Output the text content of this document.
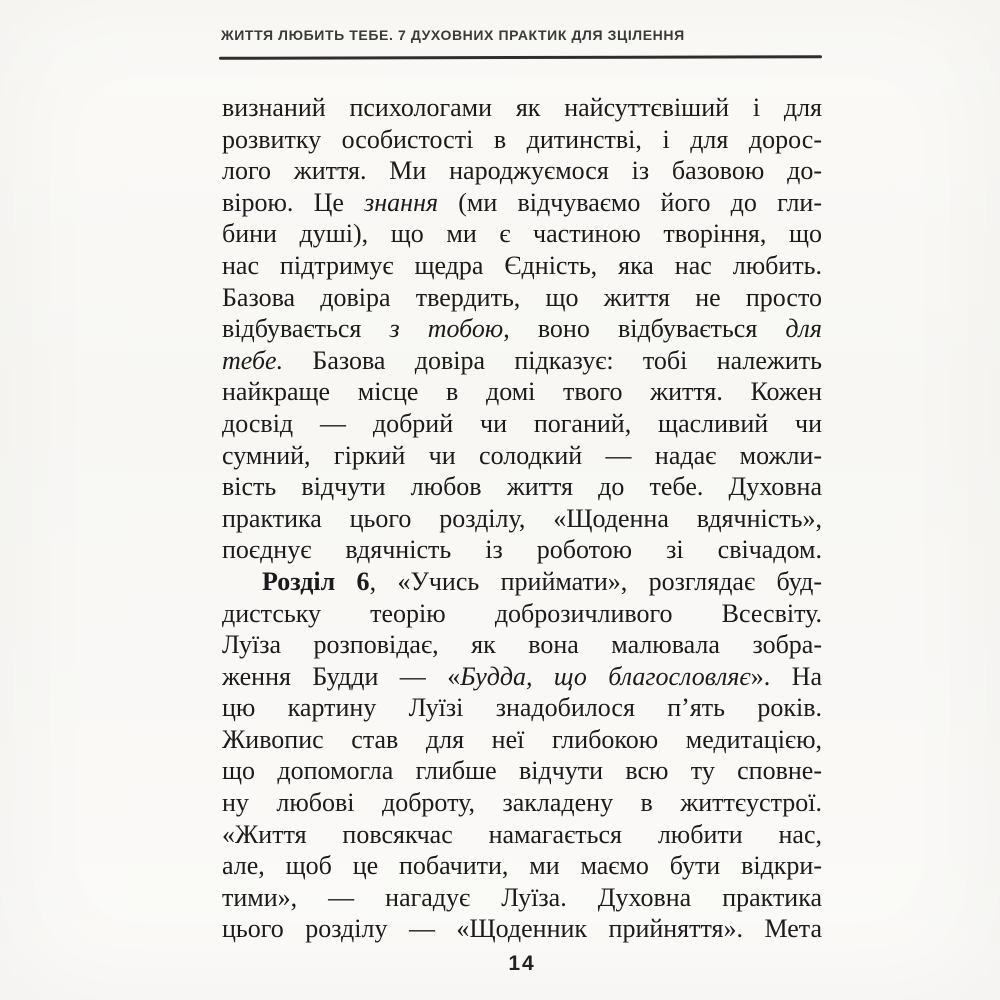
ЖИТТЯ ЛЮБИТЬ ТЕБЕ. 7 ДУХОВНИХ ПРАКТИК ДЛЯ ЗЦІЛЕННЯ
визнаний психологами як найсуттєвіший і для
розвитку особистості в дитинстві, і для дорос-
лого життя. Ми народжуємося із базовою до-
вірою. Це знання (ми відчуваємо його до гли-
бини душі), що ми є частиною творіння, що
нас підтримує щедра Єдність, яка нас любить.
Базова довіра твердить, що життя не просто
відбувається з тобою, воно відбувається для
тебе. Базова довіра підказує: тобі належить
найкраще місце в домі твого життя. Кожен
досвід — добрий чи поганий, щасливий чи
сумний, гіркий чи солодкий — надає можли-
вість відчути любов життя до тебе. Духовна
практика цього розділу, «Щоденна вдячність»,
поєднує вдячність із роботою зі свічадом.
Розділ 6, «Учись приймати», розглядає буд-
дистську теорію доброзичливого Всесвіту.
Луїза розповідає, як вона малювала зобра-
ження Будди — «Будда, що благословляє». На
цю картину Луїзі знадобилося п’ять років.
Живопис став для неї глибокою медитацією,
що допомогла глибше відчути всю ту сповне-
ну любові доброту, закладену в життєустрої.
«Життя повсякчас намагається любити нас,
але, щоб це побачити, ми маємо бути відкри-
тими», — нагадує Луїза. Духовна практика
цього розділу — «Щоденник прийняття». Мета
14
